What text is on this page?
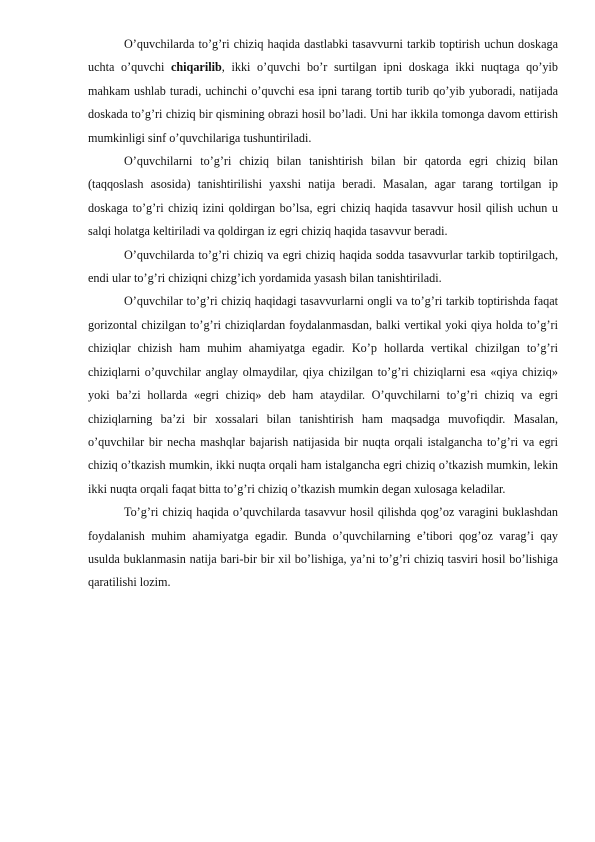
O’quvchilarda to’g’ri chiziq haqida dastlabki tasavvurni tarkib toptirish uchun doskaga uchta o’quvchi chiqarilib, ikki o’quvchi bo’r surtilgan ipni doskaga ikki nuqtaga qo’yib mahkam ushlab turadi, uchinchi o’quvchi esa ipni tarang tortib turib qo’yib yuboradi, natijada doskada to’g’ri chiziq bir qismining obrazi hosil bo’ladi. Uni har ikkila tomonga davom ettirish mumkinligi sinf o’quvchilariga tushuntiriladi.

O’quvchilarni to’g’ri chiziq bilan tanishtirish bilan bir qatorda egri chiziq bilan (taqqoslash asosida) tanishtirilishi yaxshi natija beradi. Masalan, agar tarang tortilgan ip doskaga to’g’ri chiziq izini qoldirgan bo’lsa, egri chiziq haqida tasavvur hosil qilish uchun u salqi holatga keltiriladi va qoldirgan iz egri chiziq haqida tasavvur beradi.

O’quvchilarda to’g’ri chiziq va egri chiziq haqida sodda tasavvurlar tarkib toptirilgach, endi ular to’g’ri chiziqni chizg’ich yordamida yasash bilan tanishtiriladi.

O’quvchilar to’g’ri chiziq haqidagi tasavvurlarni ongli va to’g’ri tarkib toptirishda faqat gorizontal chizilgan to’g’ri chiziqlardan foydalanmasdan, balki vertikal yoki qiya holda to’g’ri chiziqlar chizish ham muhim ahamiyatga egadir. Ko’p hollarda vertikal chizilgan to’g’ri chiziqlarni o’quvchilar anglay olmaydilar, qiya chizilgan to’g’ri chiziqlarni esa «qiya chiziq» yoki ba’zi hollarda «egri chiziq» deb ham ataydilar. O’quvchilarni to’g’ri chiziq va egri chiziqlarning ba’zi bir xossalari bilan tanishtirish ham maqsadga muvofiqdir. Masalan, o’quvchilar bir necha mashqlar bajarish natijasida bir nuqta orqali istalgancha to’g’ri va egri chiziq o’tkazish mumkin, ikki nuqta orqali ham istalgancha egri chiziq o’tkazish mumkin, lekin ikki nuqta orqali faqat bitta to’g’ri chiziq o’tkazish mumkin degan xulosaga keladilar.

To’g’ri chiziq haqida o’quvchilarda tasavvur hosil qilishda qog’oz varagini buklashdan foydalanish muhim ahamiyatga egadir. Bunda o’quvchilarning e’tibori qog’oz varag’i qay usulda buklanmasin natija bari-bir bir xil bo’lishiga, ya’ni to’g’ri chiziq tasviri hosil bo’lishiga qaratilishi lozim.
